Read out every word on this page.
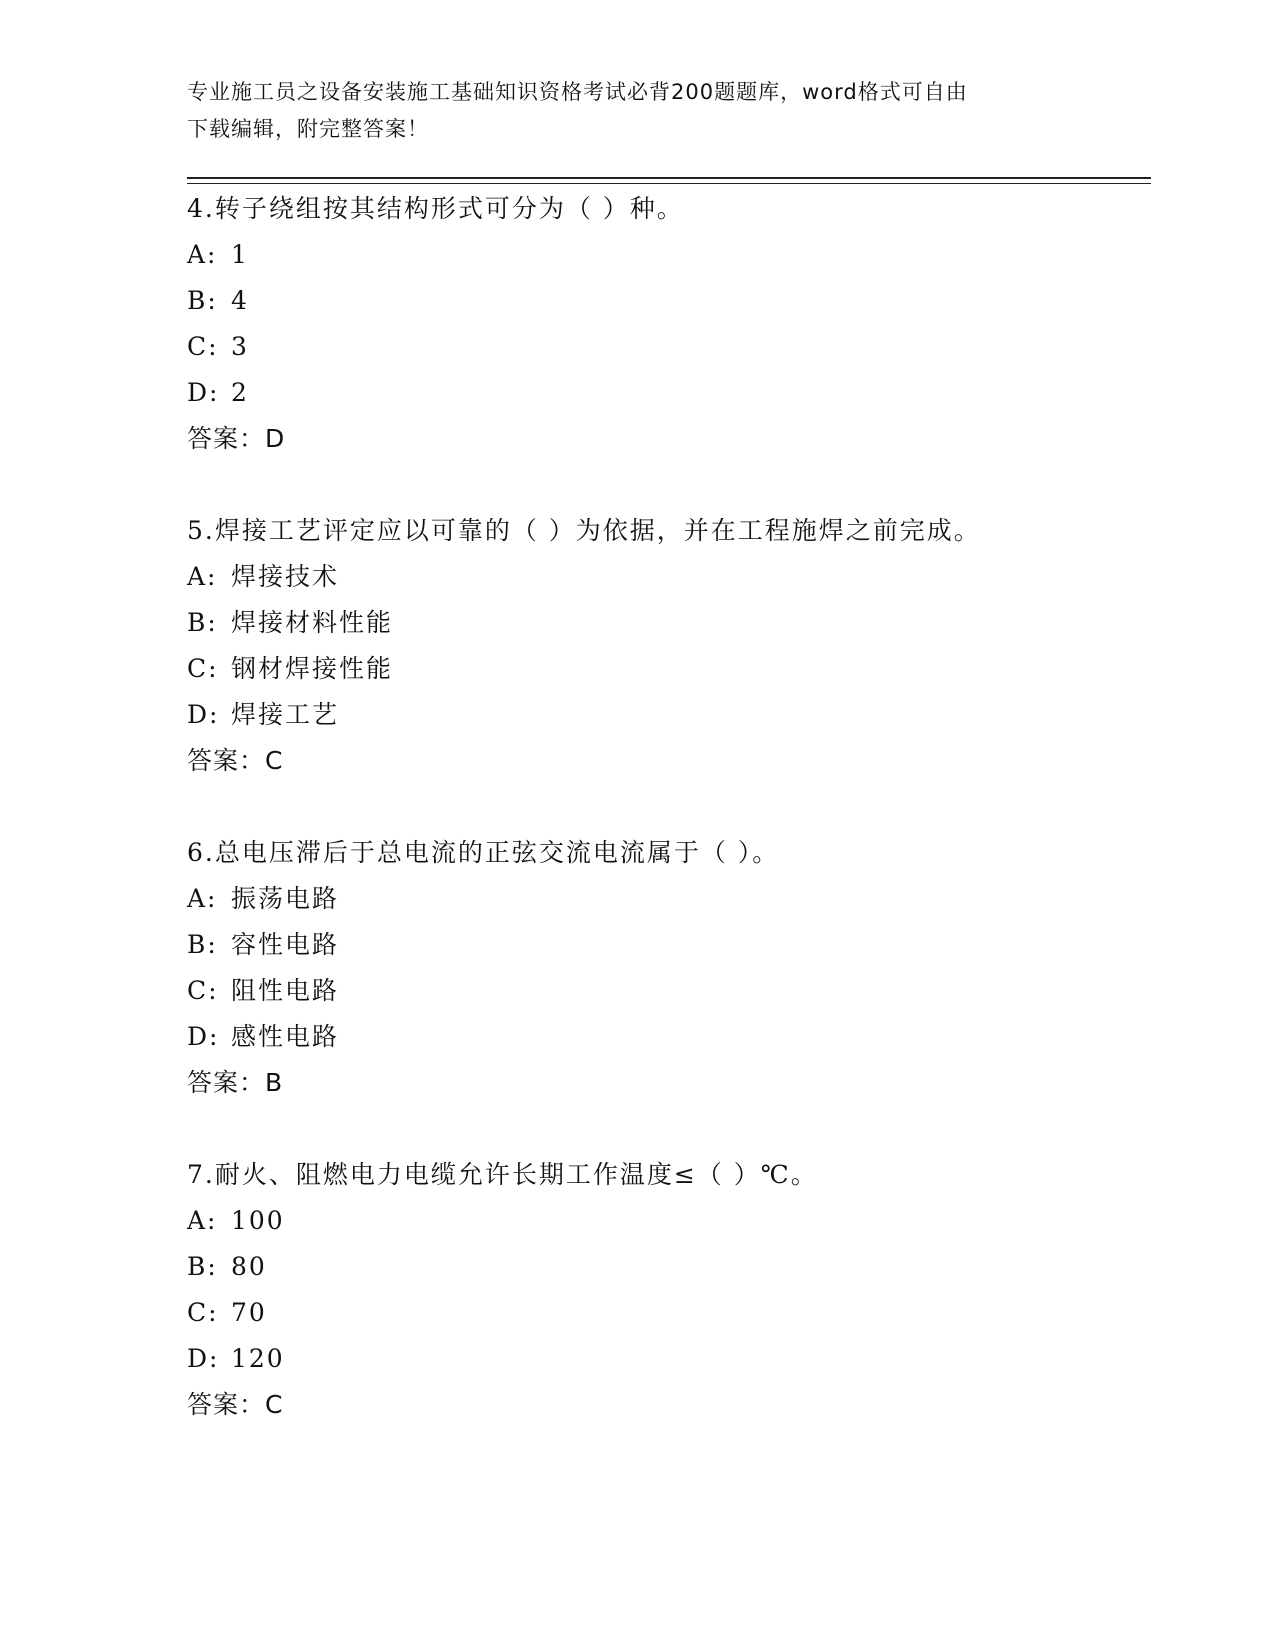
专业施工员之设备安装施工基础知识资格考试必背200题题库，word格式可自由
下载编辑，附完整答案！
4.转子绕组按其结构形式可分为（ ）种。
A: 1
B: 4
C: 3
D: 2
答案：D
5.焊接工艺评定应以可靠的（ ）为依据，并在工程施焊之前完成。
A: 焊接技术
B: 焊接材料性能
C: 钢材焊接性能
D: 焊接工艺
答案：C
6.总电压滞后于总电流的正弦交流电流属于（ ）。
A: 振荡电路
B: 容性电路
C: 阻性电路
D: 感性电路
答案：B
7.耐火、阻燃电力电缆允许长期工作温度≤（ ）℃。
A: 100
B: 80
C: 70
D: 120
答案：C
